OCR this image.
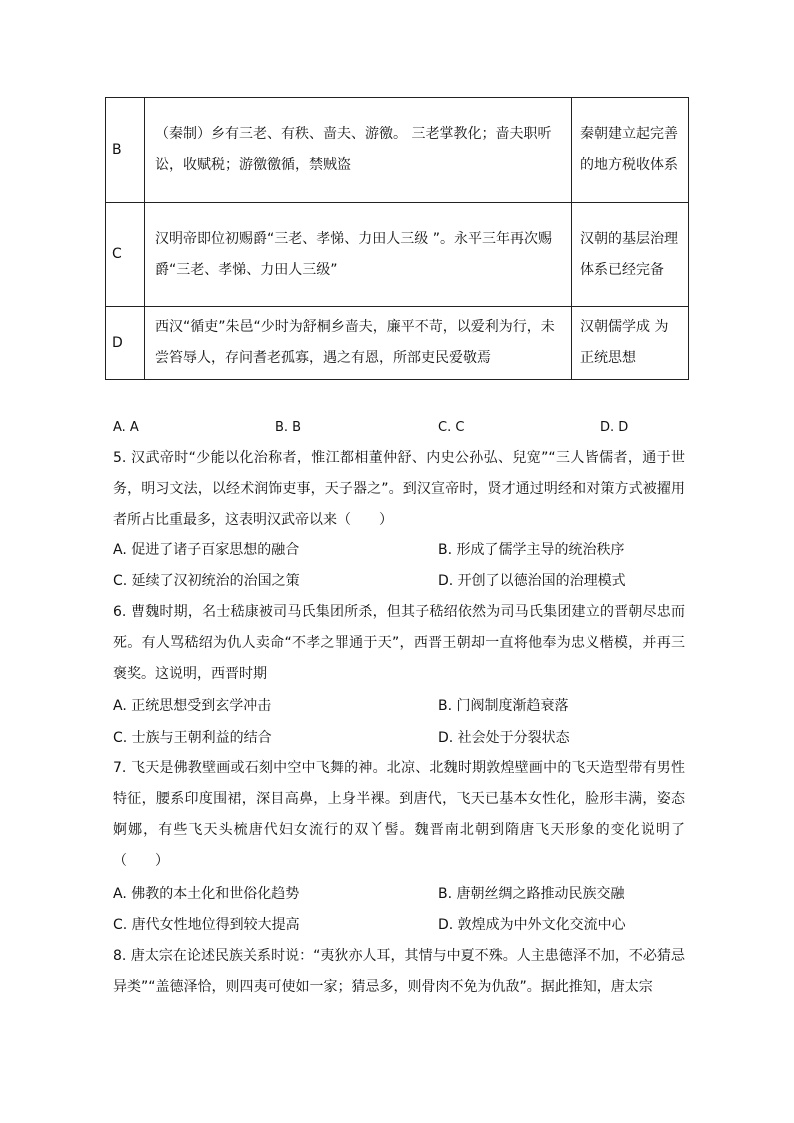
B	（秦制）乡有三老、有秩、啬夫、游徼。 三老掌教化；啬夫职听讼，收赋税；游徼徼循，禁贼盗	秦朝建立起完善的地方税收体系
C	汉明帝即位初赐爵“三老、孝悌、力田人三级 ”。永平三年再次赐爵“三老、孝悌、力田人三级”	汉朝的基层治理体系已经完备
D	西汉“循吏”朱邑“少时为舒桐乡啬夫，廉平不苛，以爱利为行，未尝笞辱人，存问耆老孤寡，遇之有恩，所部吏民爱敬焉	汉朝儒学成 为正统思想
A. A	B. B	C. C	D. D
5. 汉武帝时“少能以化治称者，惟江都相董仲舒、内史公孙弘、兒宽”“三人皆儒者，通于世务，明习文法，以经术润饰吏事，天子器之”。到汉宣帝时，贤才通过明经和对策方式被擢用者所占比重最多，这表明汉武帝以来（　　）
A. 促进了诸子百家思想的融合	B. 形成了儒学主导的统治秩序
C. 延续了汉初统治的治国之策	D. 开创了以德治国的治理模式
6. 曹魏时期，名士嵇康被司马氏集团所杀，但其子嵇绍依然为司马氏集团建立的晋朝尽忠而死。有人骂嵇绍为仇人卖命“不孝之罪通于天”，西晋王朝却一直将他奉为忠义楷模，并再三褒奖。这说明，西晋时期
A. 正统思想受到玄学冲击	B. 门阀制度渐趋衰落
C. 士族与王朝利益的结合	D. 社会处于分裂状态
7. 飞天是佛教壁画或石刻中空中飞舞的神。北凉、北魏时期敦煌壁画中的飞天造型带有男性特征，腰系印度围裙，深目高鼻，上身半裸。到唐代，飞天已基本女性化，脸形丰满，姿态婀娜，有些飞天头梳唐代妇女流行的双丫髻。魏晋南北朝到隋唐飞天形象的变化说明了（　　）
A. 佛教的本土化和世俗化趋势	B. 唐朝丝绸之路推动民族交融
C. 唐代女性地位得到较大提高	D. 敦煌成为中外文化交流中心
8. 唐太宗在论述民族关系时说：“夷狄亦人耳，其情与中夏不殊。人主患德泽不加，不必猜忌异类”“盖德泽恰，则四夷可使如一家；猜忌多，则骨肉不免为仇敌”。据此推知，唐太宗
